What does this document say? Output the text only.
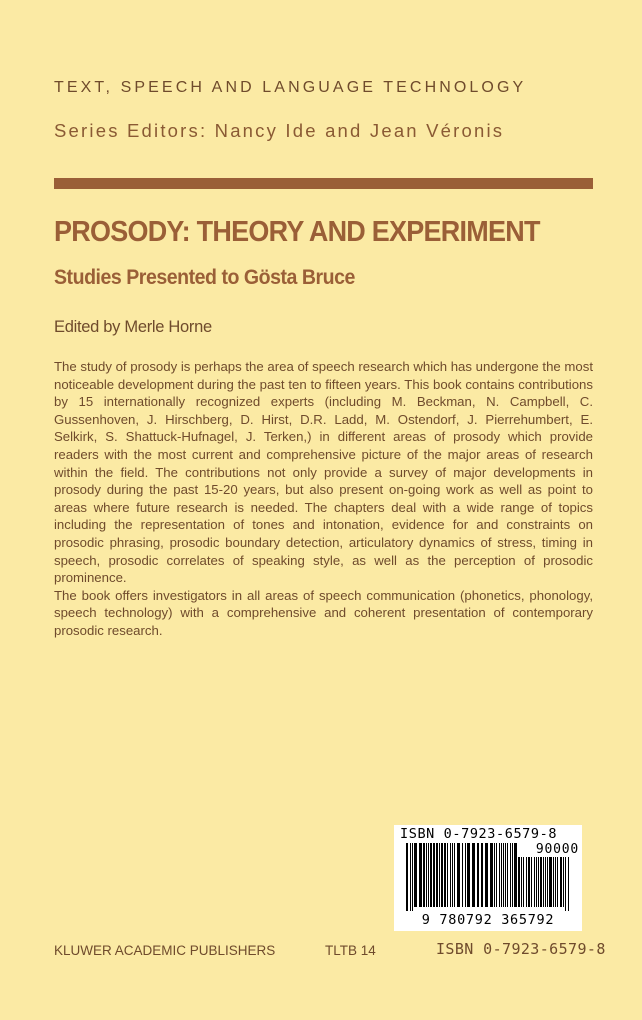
TEXT, SPEECH AND LANGUAGE TECHNOLOGY
Series Editors: Nancy Ide and Jean Véronis
PROSODY: THEORY AND EXPERIMENT
Studies Presented to Gösta Bruce
Edited by Merle Horne

The study of prosody is perhaps the area of speech research which has undergone the most noticeable development during the past ten to fifteen years. This book contains contributions by 15 internationally recognized experts (including M. Beckman, N. Campbell, C. Gussenhoven, J. Hirschberg, D. Hirst, D.R. Ladd, M. Ostendorf, J. Pierrehumbert, E. Selkirk, S. Shattuck-Hufnagel, J. Terken,) in different areas of prosody which provide readers with the most current and comprehensive picture of the major areas of research within the field. The contributions not only provide a survey of major developments in prosody during the past 15-20 years, but also present on-going work as well as point to areas where future research is needed. The chapters deal with a wide range of topics including the representation of tones and intonation, evidence for and constraints on prosodic phrasing, prosodic boundary detection, articulatory dynamics of stress, timing in speech, prosodic correlates of speaking style, as well as the perception of prosodic prominence.

The book offers investigators in all areas of speech communication (phonetics, phonology, speech technology) with a comprehensive and coherent presentation of contemporary prosodic research.

ISBN 0-7923-6579-8
90000
9 780792 365792
KLUWER ACADEMIC PUBLISHERS	TLTB 14	ISBN 0-7923-6579-8
